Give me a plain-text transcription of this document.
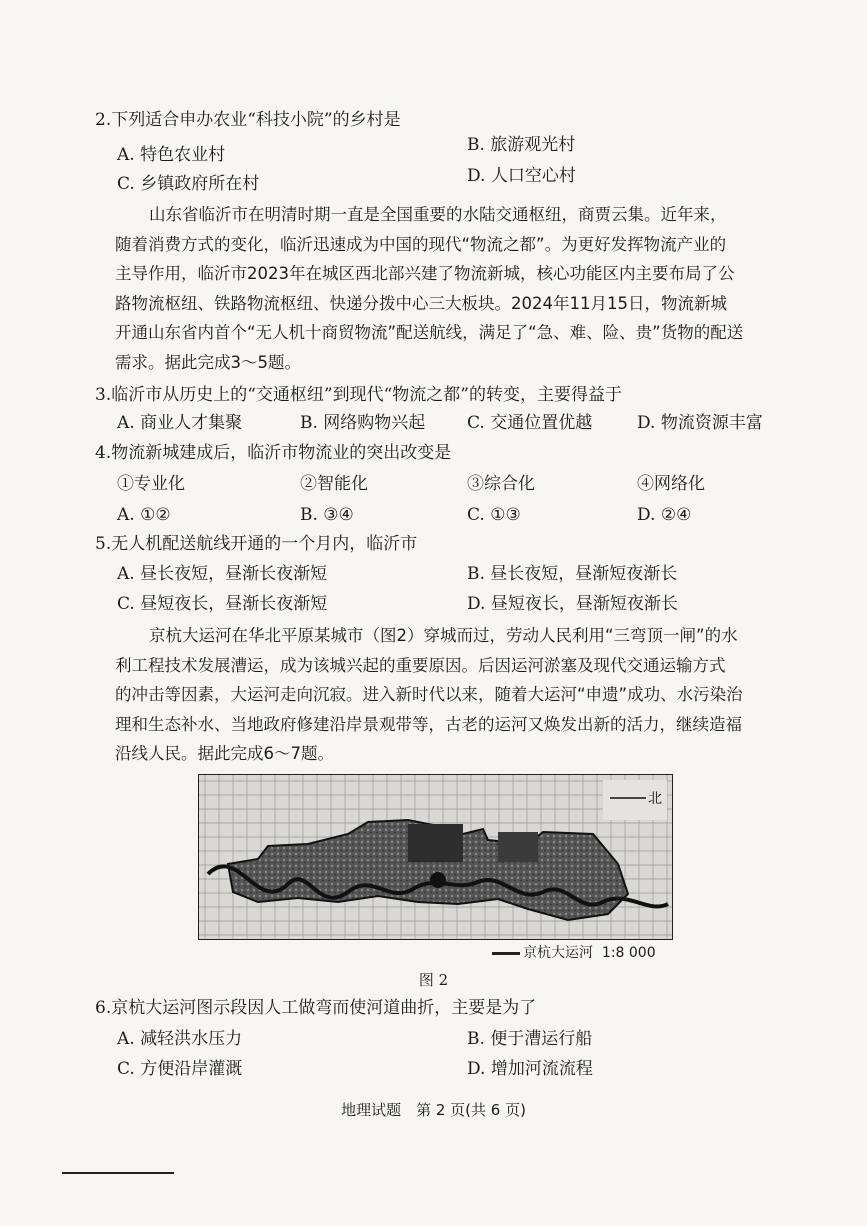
2.下列适合申办农业“科技小院”的乡村是
A. 特色农业村	B. 旅游观光村
C. 乡镇政府所在村	D. 人口空心村
山东省临沂市在明清时期一直是全国重要的水陆交通枢纽，商贾云集。近年来，
随着消费方式的变化，临沂迅速成为中国的现代“物流之都”。为更好发挥物流产业的
主导作用，临沂市2023年在城区西北部兴建了物流新城，核心功能区内主要布局了公
路物流枢纽、铁路物流枢纽、快递分拨中心三大板块。2024年11月15日，物流新城
开通山东省内首个“无人机十商贸物流”配送航线，满足了“急、难、险、贵”货物的配送
需求。据此完成3～5题。
3.临沂市从历史上的“交通枢纽”到现代“物流之都”的转变，主要得益于
A. 商业人才集聚	B. 网络购物兴起 C. 交通位置优越	D. 物流资源丰富
4.物流新城建成后，临沂市物流业的突出改变是
①专业化	②智能化	③综合化	④网络化
A. ①②	B. ③④	C. ①③	D. ②④
5.无人机配送航线开通的一个月内，临沂市
A. 昼长夜短，昼渐长夜渐短	B. 昼长夜短，昼渐短夜渐长
C. 昼短夜长，昼渐长夜渐短	D. 昼短夜长，昼渐短夜渐长
京杭大运河在华北平原某城市（图2）穿城而过，劳动人民利用“三弯顶一闸”的水
利工程技术发展漕运，成为该城兴起的重要原因。后因运河淤塞及现代交通运输方式
的冲击等因素，大运河走向沉寂。进入新时代以来，随着大运河“申遗”成功、水污染治
理和生态补水、当地政府修建沿岸景观带等，古老的运河又焕发出新的活力，继续造福
沿线人民。据此完成6～7题。
北
京杭大运河 1:8 000
图 2
6.京杭大运河图示段因人工做弯而使河道曲折，主要是为了
A. 减轻洪水压力	B. 便于漕运行船
C. 方便沿岸灌溉	D. 增加河流流程
地理试题　第 2 页(共 6 页)
